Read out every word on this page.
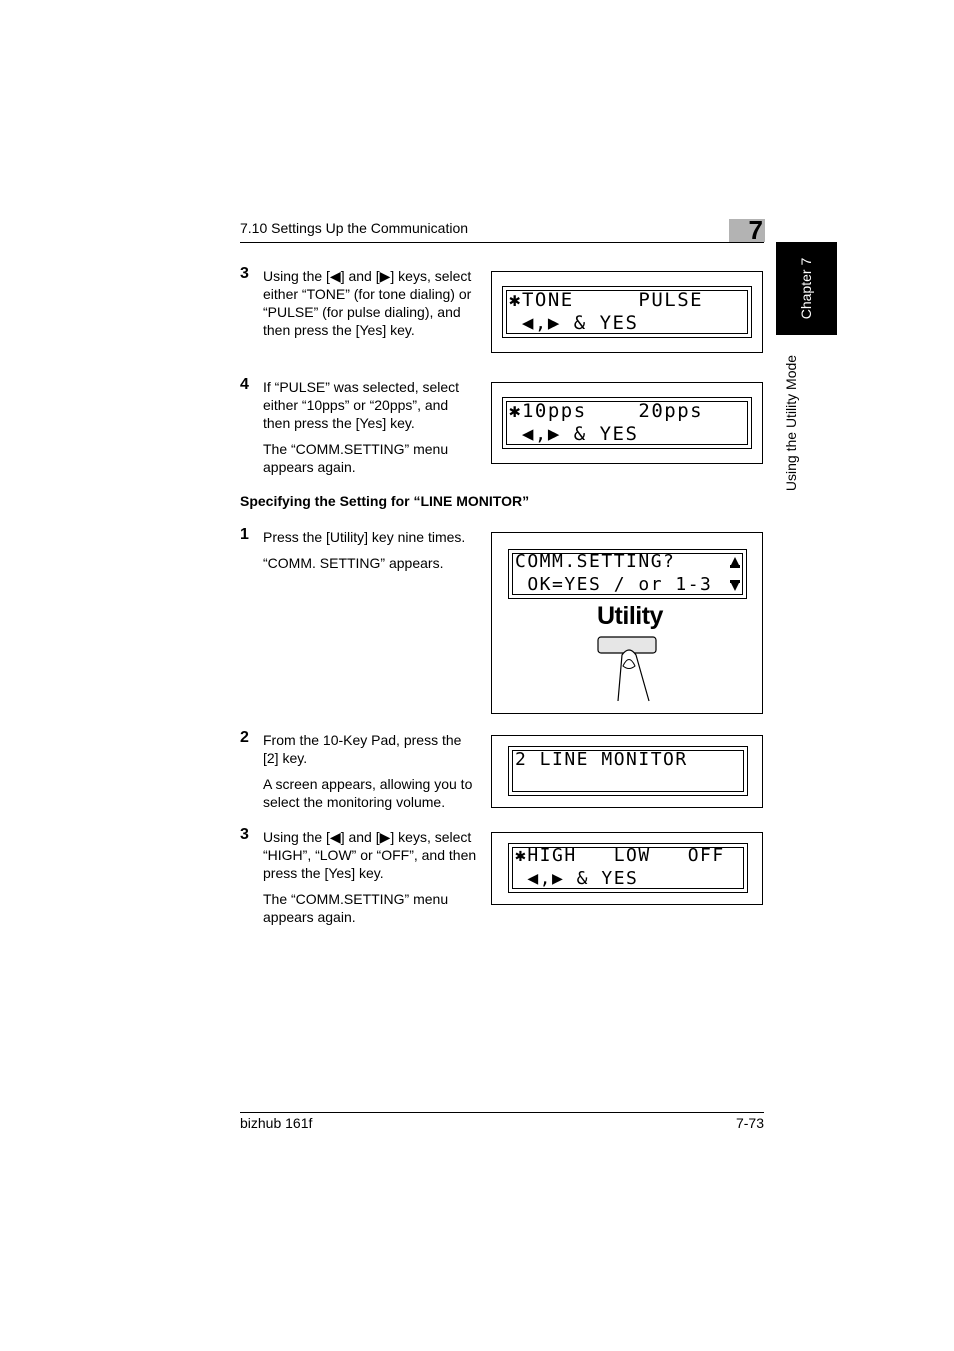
7.10 Settings Up the Communication	7
Chapter 7
Using the Utility Mode
3 Using the [◀] and [▶] keys, select
either “TONE” (for tone dialing) or
“PULSE” (for pulse dialing), and
then press the [Yes] key.
✱TONE     PULSE
◀,▶ & YES
4 If “PULSE” was selected, select
either “10pps” or “20pps”, and
then press the [Yes] key.
The “COMM.SETTING” menu
appears again.
✱10pps    20pps
◀,▶ & YES
Specifying the Setting for “LINE MONITOR”
1 Press the [Utility] key nine times.
“COMM. SETTING” appears.	COMM.SETTING?
OK=YES / or 1-3
Utility
2 From the 10-Key Pad, press the
[2] key.
A screen appears, allowing you to
select the monitoring volume.
2 LINE MONITOR
3 Using the [◀] and [▶] keys, select
“HIGH”, “LOW” or “OFF”, and then
press the [Yes] key.
The “COMM.SETTING” menu
appears again.
✱HIGH   LOW   OFF
◀,▶ & YES
bizhub 161f	7-73
